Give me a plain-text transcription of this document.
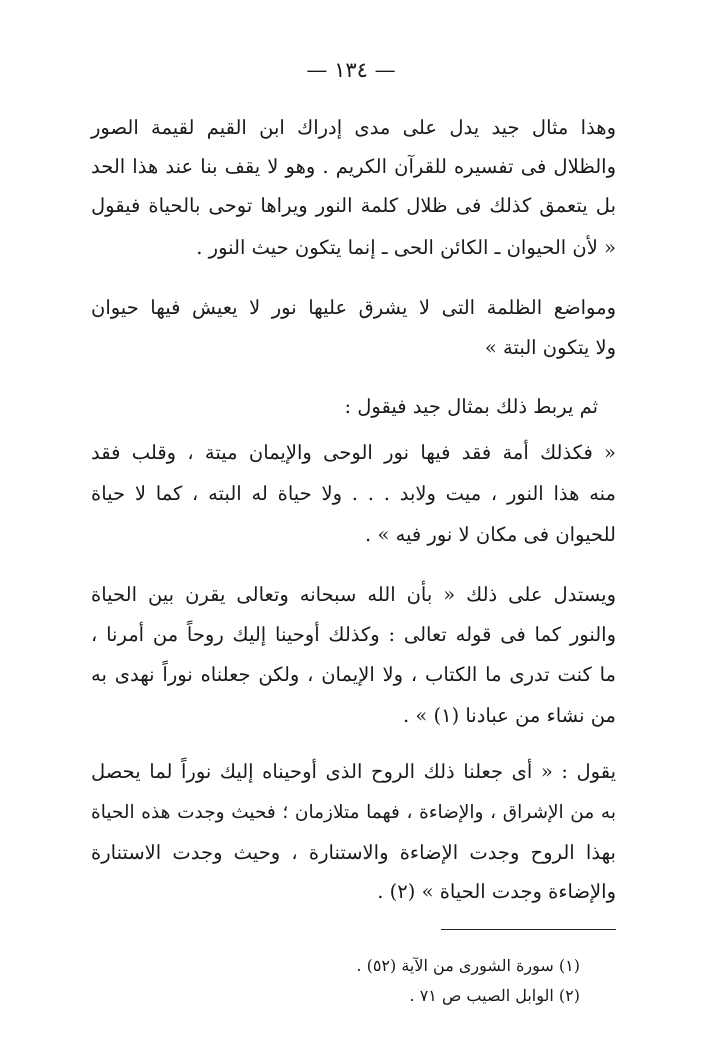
— ١٣٤ —
وهذا مثال جيد يدل على مدى إدراك ابن القيم لقيمة الصور
والظلال فى تفسيره للقرآن الكريم . وهو لا يقف بنا عند هذا الحد
بل يتعمق كذلك فى ظلال كلمة النور ويراها توحى بالحياة فيقول
« لأن الحيوان ـ الكائن الحى ـ إنما يتكون حيث النور .
ومواضع الظلمة التى لا يشرق عليها نور لا يعيش فيها حيوان
ولا يتكون البتة »
ثم يربط ذلك بمثال جيد فيقول :
« فكذلك أمة فقد فيها نور الوحى والإيمان ميتة ، وقلب فقد
منه هذا النور ، ميت ولابد . . . ولا حياة له البته ، كما لا حياة
للحيوان فى مكان لا نور فيه » .
ويستدل على ذلك « بأن الله سبحانه وتعالى يقرن بين الحياة
والنور كما فى قوله تعالى : وكذلك أوحينا إليك روحاً من أمرنا ،
ما كنت تدرى ما الكتاب ، ولا الإيمان ، ولكن جعلناه نوراً نهدى به
من نشاء من عبادنا (١) » .
يقول : « أى جعلنا ذلك الروح الذى أوحيناه إليك نوراً لما يحصل
به من الإشراق ، والإضاءة ، فهما متلازمان ؛ فحيث وجدت هذه الحياة
بهذا الروح وجدت الإضاءة والاستنارة ، وحيث وجدت الاستنارة
والإضاءة وجدت الحياة » (٢) .
(١) سورة الشورى من الآية (٥٢) .
(٢) الوابل الصيب ص ٧١ .
